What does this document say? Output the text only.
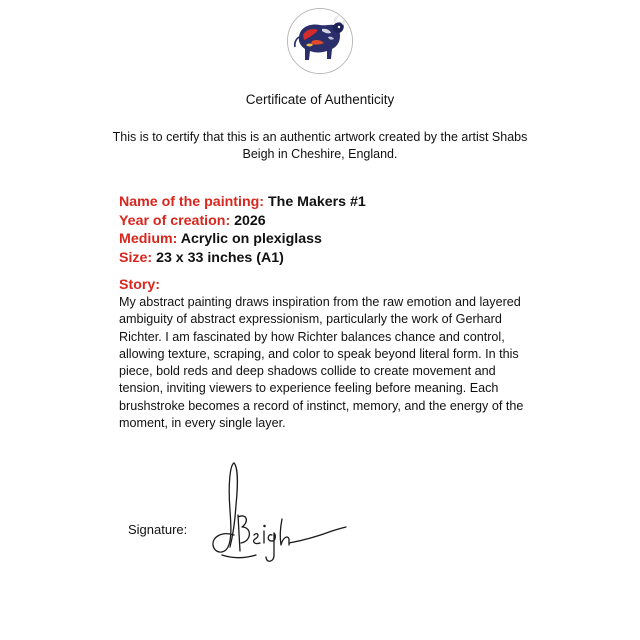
Certificate of Authenticity
This is to certify that this is an authentic artwork created by the artist Shabs Beigh in Cheshire, England.
Name of the painting: The Makers #1
Year of creation: 2026
Medium: Acrylic on plexiglass
Size: 23 x 33 inches (A1)
Story:
My abstract painting draws inspiration from the raw emotion and layered ambiguity of abstract expressionism, particularly the work of Gerhard Richter. I am fascinated by how Richter balances chance and control, allowing texture, scraping, and color to speak beyond literal form. In this piece, bold reds and deep shadows collide to create movement and tension, inviting viewers to experience feeling before meaning. Each brushstroke becomes a record of instinct, memory, and the energy of the moment, in every single layer.
Signature:
